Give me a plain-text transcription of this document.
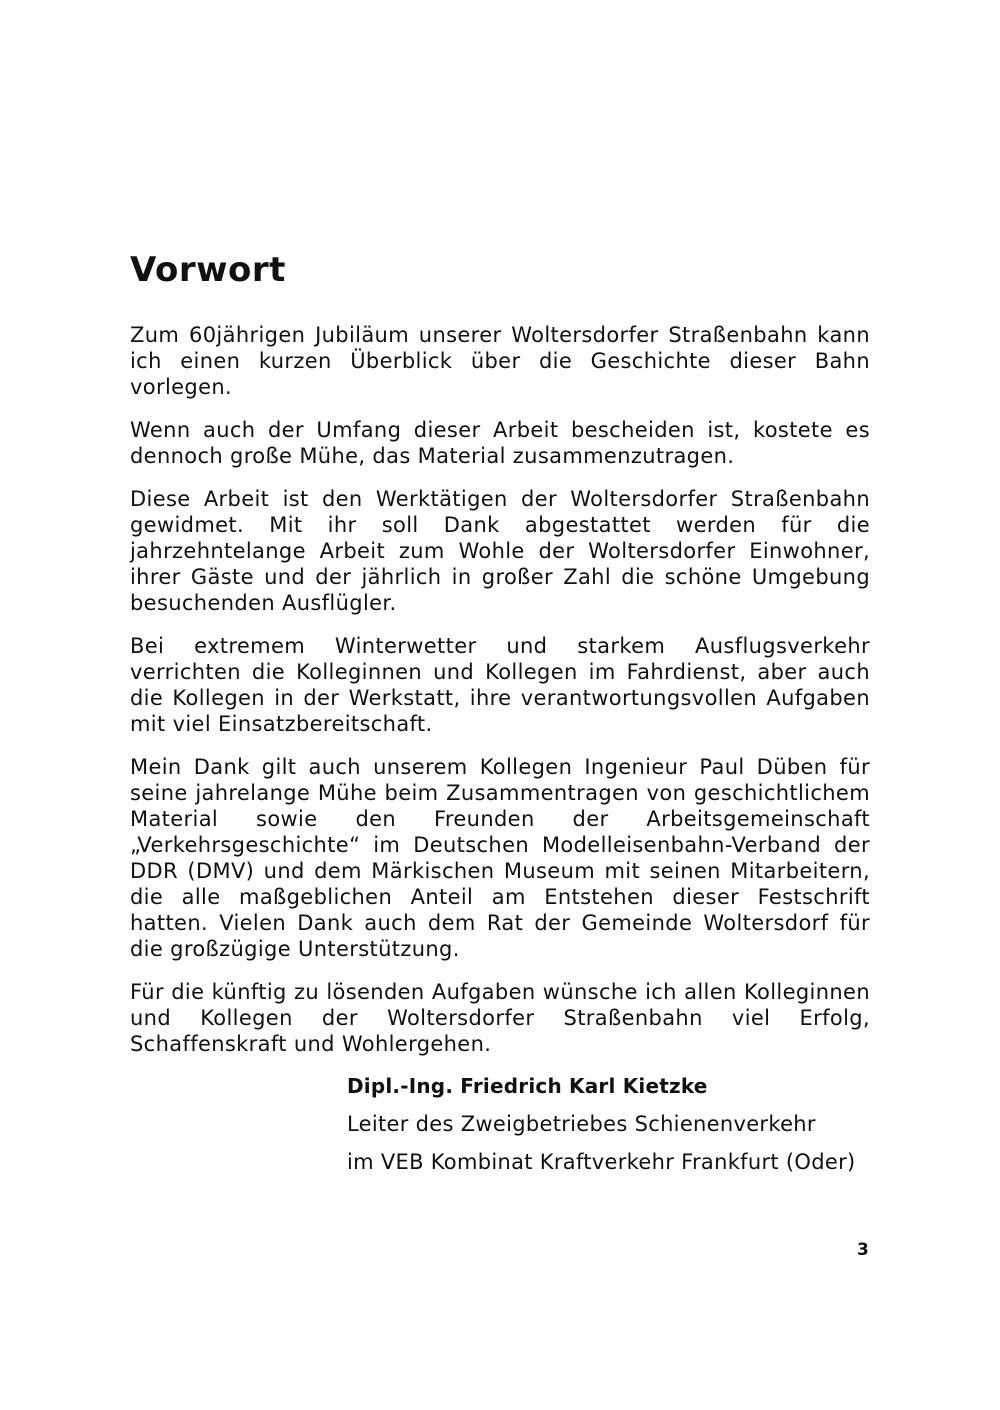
Vorwort

Zum 60jährigen Jubiläum unserer Woltersdorfer Straßenbahn kann ich einen kurzen Überblick über die Geschichte dieser Bahn vorlegen.

Wenn auch der Umfang dieser Arbeit bescheiden ist, kostete es dennoch große Mühe, das Material zusammenzutragen.

Diese Arbeit ist den Werktätigen der Woltersdorfer Straßenbahn gewidmet. Mit ihr soll Dank abgestattet werden für die jahrzehntelange Arbeit zum Wohle der Woltersdorfer Einwohner, ihrer Gäste und der jährlich in großer Zahl die schöne Umgebung besuchenden Ausflügler.

Bei extremem Winterwetter und starkem Ausflugsverkehr verrichten die Kolleginnen und Kollegen im Fahrdienst, aber auch die Kollegen in der Werkstatt, ihre verantwortungsvollen Aufgaben mit viel Einsatzbereitschaft.

Mein Dank gilt auch unserem Kollegen Ingenieur Paul Düben für seine jahrelange Mühe beim Zusammentragen von geschichtlichem Material sowie den Freunden der Arbeitsgemeinschaft „Verkehrsgeschichte“ im Deutschen Modelleisenbahn-Verband der DDR (DMV) und dem Märkischen Museum mit seinen Mitarbeitern, die alle maßgeblichen Anteil am Entstehen dieser Festschrift hatten. Vielen Dank auch dem Rat der Gemeinde Woltersdorf für die großzügige Unterstützung.

Für die künftig zu lösenden Aufgaben wünsche ich allen Kolleginnen und Kollegen der Woltersdorfer Straßenbahn viel Erfolg, Schaffenskraft und Wohlergehen.

Dipl.-Ing. Friedrich Karl Kietzke

Leiter des Zweigbetriebes Schienenverkehr

im VEB Kombinat Kraftverkehr Frankfurt (Oder)

3
